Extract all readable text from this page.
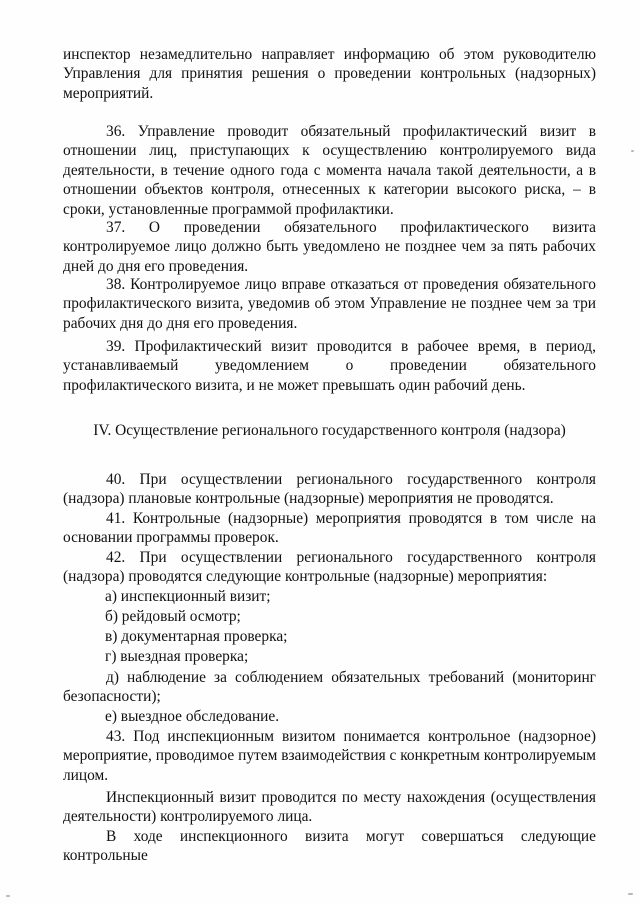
инспектор незамедлительно направляет информацию об этом руководителю Управления для принятия решения о проведении контрольных (надзорных) мероприятий.

36. Управление проводит обязательный профилактический визит в отношении лиц, приступающих к осуществлению контролируемого вида деятельности, в течение одного года с момента начала такой деятельности, а в отношении объектов контроля, отнесенных к категории высокого риска, – в сроки, установленные программой профилактики.

37. О проведении обязательного профилактического визита контролируемое лицо должно быть уведомлено не позднее чем за пять рабочих дней до дня его проведения.

38. Контролируемое лицо вправе отказаться от проведения обязательного профилактического визита, уведомив об этом Управление не позднее чем за три рабочих дня до дня его проведения.

39. Профилактический визит проводится в рабочее время, в период, устанавливаемый уведомлением о проведении обязательного профилактического визита, и не может превышать один рабочий день.

IV. Осуществление регионального государственного контроля (надзора)

40. При осуществлении регионального государственного контроля (надзора) плановые контрольные (надзорные) мероприятия не проводятся.

41. Контрольные (надзорные) мероприятия проводятся в том числе на основании программы проверок.

42. При осуществлении регионального государственного контроля (надзора) проводятся следующие контрольные (надзорные) мероприятия:

а) инспекционный визит;

б) рейдовый осмотр;

в) документарная проверка;

г) выездная проверка;

д) наблюдение за соблюдением обязательных требований (мониторинг безопасности);

е) выездное обследование.

43. Под инспекционным визитом понимается контрольное (надзорное) мероприятие, проводимое путем взаимодействия с конкретным контролируемым лицом.

Инспекционный визит проводится по месту нахождения (осуществления деятельности) контролируемого лица.

В ходе инспекционного визита могут совершаться следующие контрольные
